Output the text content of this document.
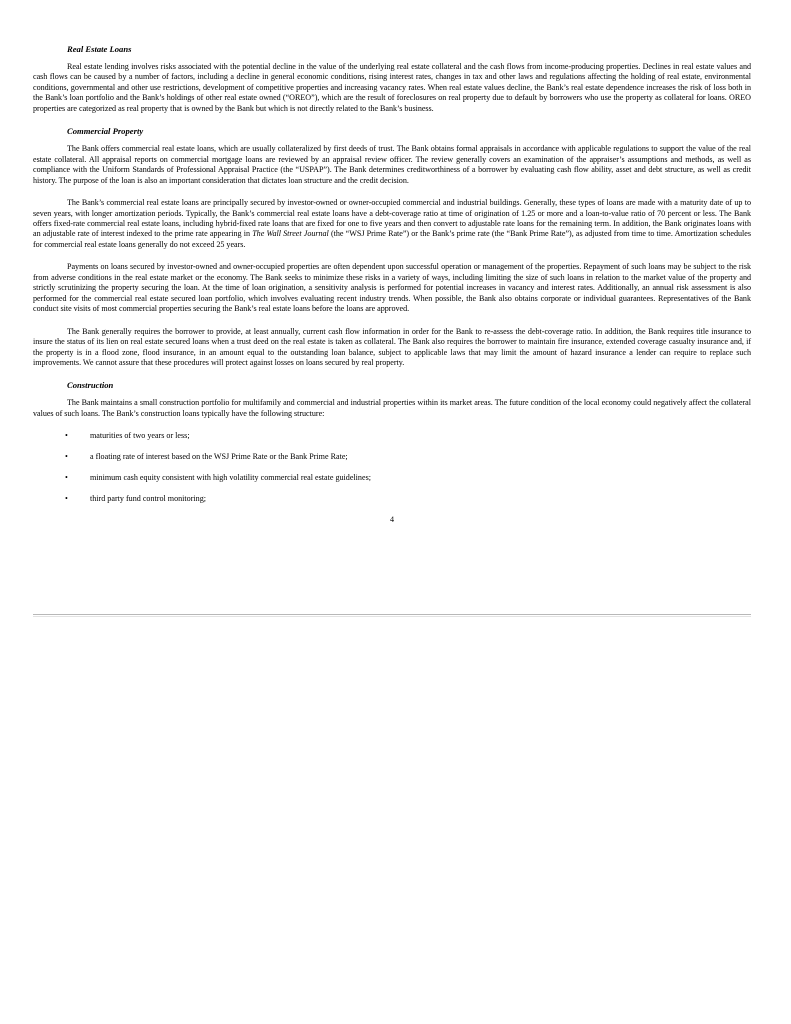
Real Estate Loans

Real estate lending involves risks associated with the potential decline in the value of the underlying real estate collateral and the cash flows from income-producing properties. Declines in real estate values and cash flows can be caused by a number of factors, including a decline in general economic conditions, rising interest rates, changes in tax and other laws and regulations affecting the holding of real estate, environmental conditions, governmental and other use restrictions, development of competitive properties and increasing vacancy rates. When real estate values decline, the Bank’s real estate dependence increases the risk of loss both in the Bank’s loan portfolio and the Bank’s holdings of other real estate owned (“OREO”), which are the result of foreclosures on real property due to default by borrowers who use the property as collateral for loans. OREO properties are categorized as real property that is owned by the Bank but which is not directly related to the Bank’s business.

Commercial Property

The Bank offers commercial real estate loans, which are usually collateralized by first deeds of trust. The Bank obtains formal appraisals in accordance with applicable regulations to support the value of the real estate collateral. All appraisal reports on commercial mortgage loans are reviewed by an appraisal review officer. The review generally covers an examination of the appraiser’s assumptions and methods, as well as compliance with the Uniform Standards of Professional Appraisal Practice (the “USPAP”). The Bank determines creditworthiness of a borrower by evaluating cash flow ability, asset and debt structure, as well as credit history. The purpose of the loan is also an important consideration that dictates loan structure and the credit decision.

The Bank’s commercial real estate loans are principally secured by investor-owned or owner-occupied commercial and industrial buildings. Generally, these types of loans are made with a maturity date of up to seven years, with longer amortization periods. Typically, the Bank’s commercial real estate loans have a debt-coverage ratio at time of origination of 1.25 or more and a loan-to-value ratio of 70 percent or less. The Bank offers fixed-rate commercial real estate loans, including hybrid-fixed rate loans that are fixed for one to five years and then convert to adjustable rate loans for the remaining term. In addition, the Bank originates loans with an adjustable rate of interest indexed to the prime rate appearing in The Wall Street Journal (the “WSJ Prime Rate”) or the Bank’s prime rate (the “Bank Prime Rate”), as adjusted from time to time. Amortization schedules for commercial real estate loans generally do not exceed 25 years.

Payments on loans secured by investor-owned and owner-occupied properties are often dependent upon successful operation or management of the properties. Repayment of such loans may be subject to the risk from adverse conditions in the real estate market or the economy. The Bank seeks to minimize these risks in a variety of ways, including limiting the size of such loans in relation to the market value of the property and strictly scrutinizing the property securing the loan. At the time of loan origination, a sensitivity analysis is performed for potential increases in vacancy and interest rates. Additionally, an annual risk assessment is also performed for the commercial real estate secured loan portfolio, which involves evaluating recent industry trends. When possible, the Bank also obtains corporate or individual guarantees. Representatives of the Bank conduct site visits of most commercial properties securing the Bank’s real estate loans before the loans are approved.

The Bank generally requires the borrower to provide, at least annually, current cash flow information in order for the Bank to re-assess the debt-coverage ratio. In addition, the Bank requires title insurance to insure the status of its lien on real estate secured loans when a trust deed on the real estate is taken as collateral. The Bank also requires the borrower to maintain fire insurance, extended coverage casualty insurance and, if the property is in a flood zone, flood insurance, in an amount equal to the outstanding loan balance, subject to applicable laws that may limit the amount of hazard insurance a lender can require to replace such improvements. We cannot assure that these procedures will protect against losses on loans secured by real property.

Construction

The Bank maintains a small construction portfolio for multifamily and commercial and industrial properties within its market areas. The future condition of the local economy could negatively affect the collateral values of such loans. The Bank’s construction loans typically have the following structure:

•	maturities of two years or less;
•	a floating rate of interest based on the WSJ Prime Rate or the Bank Prime Rate;
•	minimum cash equity consistent with high volatility commercial real estate guidelines;
•	third party fund control monitoring;
4
